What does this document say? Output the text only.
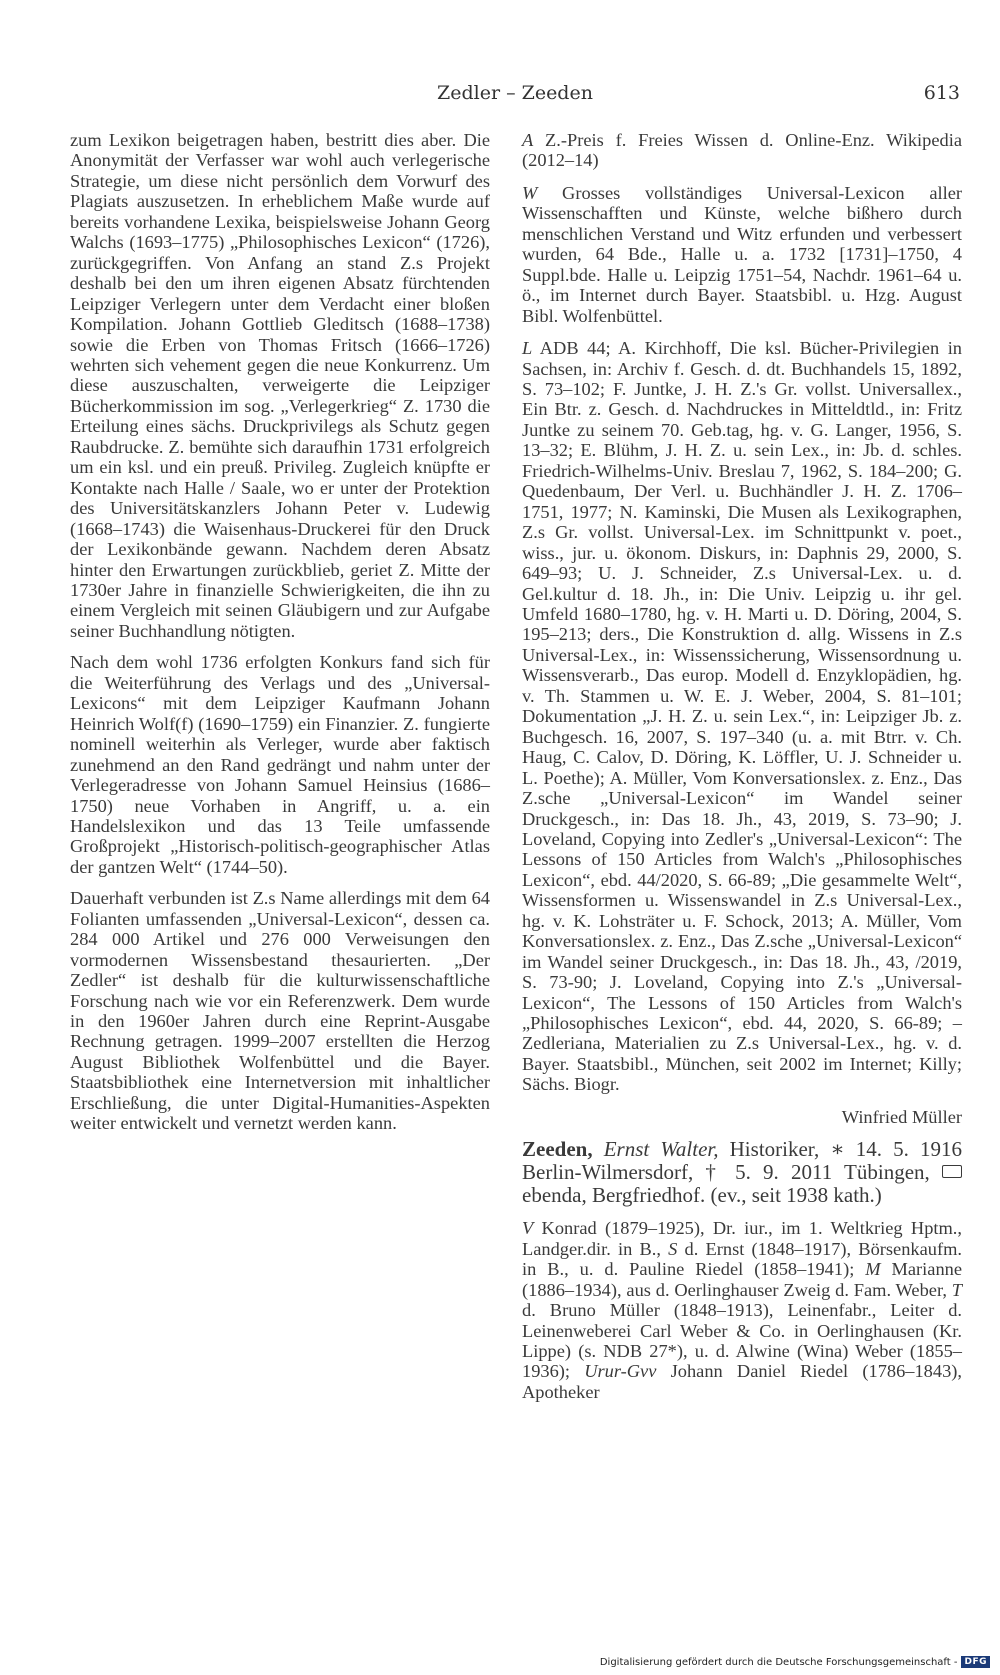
Zedler – Zeeden	613

zum Lexikon beigetragen haben, bestritt dies aber. Die Anonymität der Verfasser war wohl auch verlegerische Strategie, um diese nicht persönlich dem Vorwurf des Plagiats auszusetzen. In erheblichem Maße wurde auf bereits vorhandene Lexika, beispielsweise Johann Georg Walchs (1693–1775) „Philosophisches Lexicon“ (1726), zurückgegriffen. Von Anfang an stand Z.s Projekt deshalb bei den um ihren eigenen Absatz fürchtenden Leipziger Verlegern unter dem Verdacht einer bloßen Kompilation. Johann Gottlieb Gleditsch (1688–1738) sowie die Erben von Thomas Fritsch (1666–1726) wehrten sich vehement gegen die neue Konkurrenz. Um diese auszuschalten, verweigerte die Leipziger Bücherkommission im sog. „Verlegerkrieg“ Z. 1730 die Erteilung eines sächs. Druckprivilegs als Schutz gegen Raubdrucke. Z. bemühte sich daraufhin 1731 erfolgreich um ein ksl. und ein preuß. Privileg. Zugleich knüpfte er Kontakte nach Halle / Saale, wo er unter der Protektion des Universitätskanzlers Johann Peter v. Ludewig (1668–1743) die Waisenhaus-Druckerei für den Druck der Lexikonbände gewann. Nachdem deren Absatz hinter den Erwartungen zurückblieb, geriet Z. Mitte der 1730er Jahre in finanzielle Schwierigkeiten, die ihn zu einem Vergleich mit seinen Gläubigern und zur Aufgabe seiner Buchhandlung nötigten.

Nach dem wohl 1736 erfolgten Konkurs fand sich für die Weiterführung des Verlags und des „Universal-Lexicons“ mit dem Leipziger Kaufmann Johann Heinrich Wolf(f) (1690–1759) ein Finanzier. Z. fungierte nominell weiterhin als Verleger, wurde aber faktisch zunehmend an den Rand gedrängt und nahm unter der Verlegeradresse von Johann Samuel Heinsius (1686–1750) neue Vorhaben in Angriff, u. a. ein Handelslexikon und das 13 Teile umfassende Großprojekt „Historisch-politisch-geographischer Atlas der gantzen Welt“ (1744–50).

Dauerhaft verbunden ist Z.s Name allerdings mit dem 64 Folianten umfassenden „Universal-Lexicon“, dessen ca. 284 000 Artikel und 276 000 Verweisungen den vormodernen Wissensbestand thesaurierten. „Der Zedler“ ist deshalb für die kulturwissenschaftliche Forschung nach wie vor ein Referenzwerk. Dem wurde in den 1960er Jahren durch eine Reprint-Ausgabe Rechnung getragen. 1999–2007 erstellten die Herzog August Bibliothek Wolfenbüttel und die Bayer. Staatsbibliothek eine Internetversion mit inhaltlicher Erschließung, die unter Digital-Humanities-Aspekten weiter entwickelt und vernetzt werden kann.

A Z.-Preis f. Freies Wissen d. Online-Enz. Wikipedia (2012–14)

W Grosses vollständiges Universal-Lexicon aller Wissenschafften und Künste, welche bißhero durch menschlichen Verstand und Witz erfunden und verbessert wurden, 64 Bde., Halle u. a. 1732 [1731]–1750, 4 Suppl.bde. Halle u. Leipzig 1751–54, Nachdr. 1961–64 u. ö., im Internet durch Bayer. Staatsbibl. u. Hzg. August Bibl. Wolfenbüttel.

L ADB 44; A. Kirchhoff, Die ksl. Bücher-Privilegien in Sachsen, in: Archiv f. Gesch. d. dt. Buchhandels 15, 1892, S. 73–102; F. Juntke, J. H. Z.'s Gr. vollst. Universallex., Ein Btr. z. Gesch. d. Nachdruckes in Mitteldtld., in: Fritz Juntke zu seinem 70. Geb.tag, hg. v. G. Langer, 1956, S. 13–32; E. Blühm, J. H. Z. u. sein Lex., in: Jb. d. schles. Friedrich-Wilhelms-Univ. Breslau 7, 1962, S. 184–200; G. Quedenbaum, Der Verl. u. Buchhändler J. H. Z. 1706–1751, 1977; N. Kaminski, Die Musen als Lexikographen, Z.s Gr. vollst. Universal-Lex. im Schnittpunkt v. poet., wiss., jur. u. ökonom. Diskurs, in: Daphnis 29, 2000, S. 649–93; U. J. Schneider, Z.s Universal-Lex. u. d. Gel.kultur d. 18. Jh., in: Die Univ. Leipzig u. ihr gel. Umfeld 1680–1780, hg. v. H. Marti u. D. Döring, 2004, S. 195–213; ders., Die Konstruktion d. allg. Wissens in Z.s Universal-Lex., in: Wissenssicherung, Wissensordnung u. Wissensverarb., Das europ. Modell d. Enzyklopädien, hg. v. Th. Stammen u. W. E. J. Weber, 2004, S. 81–101; Dokumentation „J. H. Z. u. sein Lex.“, in: Leipziger Jb. z. Buchgesch. 16, 2007, S. 197–340 (u. a. mit Btrr. v. Ch. Haug, C. Calov, D. Döring, K. Löffler, U. J. Schneider u. L. Poethe); A. Müller, Vom Konversationslex. z. Enz., Das Z.sche „Universal-Lexicon“ im Wandel seiner Druckgesch., in: Das 18. Jh., 43, 2019, S. 73–90; J. Loveland, Copying into Zedler's „Universal-Lexicon“: The Lessons of 150 Articles from Walch's „Philosophisches Lexicon“, ebd. 44/2020, S. 66-89; „Die gesammelte Welt“, Wissensformen u. Wissenswandel in Z.s Universal-Lex., hg. v. K. Lohsträter u. F. Schock, 2013; A. Müller, Vom Konversationslex. z. Enz., Das Z.sche „Universal-Lexicon“ im Wandel seiner Druckgesch., in: Das 18. Jh., 43, /2019, S. 73-90; J. Loveland, Copying into Z.'s „Universal-Lexicon“, The Lessons of 150 Articles from Walch's „Philosophisches Lexicon“, ebd. 44, 2020, S. 66-89; – Zedleriana, Materialien zu Z.s Universal-Lex., hg. v. d. Bayer. Staatsbibl., München, seit 2002 im Internet; Killy; Sächs. Biogr.

Winfried Müller

Zeeden, Ernst Walter, Historiker, ∗ 14. 5. 1916 Berlin-Wilmersdorf, † 5. 9. 2011 Tübingen,  ebenda, Bergfriedhof. (ev., seit 1938 kath.)

V Konrad (1879–1925), Dr. iur., im 1. Weltkrieg Hptm., Landger.dir. in B., S d. Ernst (1848–1917), Börsenkaufm. in B., u. d. Pauline Riedel (1858–1941); M Marianne (1886–1934), aus d. Oerlinghauser Zweig d. Fam. Weber, T d. Bruno Müller (1848–1913), Leinenfabr., Leiter d. Leinenweberei Carl Weber & Co. in Oerlinghausen (Kr. Lippe) (s. NDB 27*), u. d. Alwine (Wina) Weber (1855–1936); Urur-Gvv Johann Daniel Riedel (1786–1843), Apotheker

Digitalisierung gefördert durch die Deutsche Forschungsgemeinschaft - DFG
